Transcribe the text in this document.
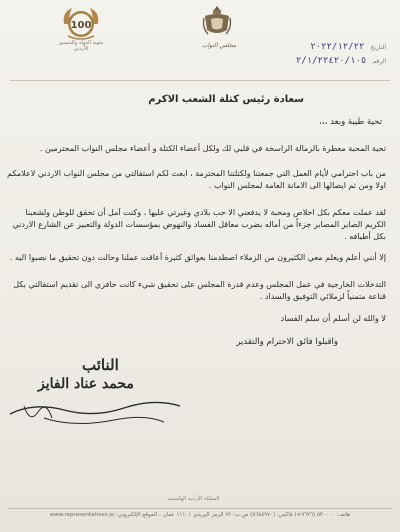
100
مئوية الدولة والدستور الأردني	مجلس النواب	التاريخ
٢٠٢٢/١٢/٢٢
الرقم
٢/١/٢٢٤٢٠/١٠٥
سعادة رئيس كتلة الشعب الاكرم
تحية طيبة وبعد ،،،
تحية المحبة معطرة بالزمالة الراسخة في قلبي لك ولكل أعضاء الكتلة و أعضاء مجلس النواب المحترمين .
من باب احترامي لأيام العمل التي جمعتنا ولكتلتنا المحترمة ، ابعث لكم استقالتي من مجلس النواب الاردني لاعلامكم اولا ومن ثم ايصالها الى الامانة العامة لمجلس النواب .
لقد عملت معكم بكل اخلاص ومحبة لا يدفعني الا حب بلادي وغيرتي عليها ، وكنت آمل أن تحقق للوطن ولشعبنا الكريم الصابر المصابر جزءاً من أماله بضرب معاقل الفساد والنهوض بمؤسسات الدولة والتعبير عن الشارع الاردني بكل أطيافه .
إلا أنني أعلم ويعلم معي الكثيرون من الزملاء اصطدمنا بعوائق كثيرة أعاقت عملنا وحالت دون تحقيق ما نصبوا اليه .
التدخلات الخارجية في عمل المجلس وعدم قدرة المجلس على تحقيق شيء كانت حافزي الى تقديم استقالتي بكل قناعة متمنياً لزملائي التوفيق والسداد .
لا والله لن أسلم أن سلم الفساد
واقبلوا فائق الاحترام والتقدير
النائب
محمد عناد الفايز
المملكة الأردنية الهاشمية
هاتف: ٥٣٠٠٠٠ (٩٦٢٦+) فاكس: (٥٦٨٥٩٧٠) ص.ب: ٧٢ الرمز البريدي ١١١٠١ عمان ، الموقع الإلكتروني: www.representatives.jo
